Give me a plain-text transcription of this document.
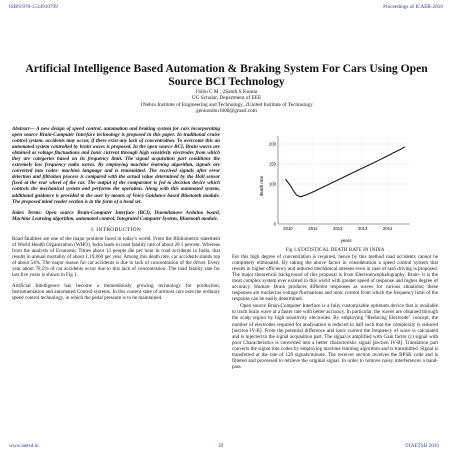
ISBN:978-1534910799	Proceedings of ICAER-2016
Artificial Intelligence Based Automation & Braking System For Cars Using Open Source BCI Technology
1Sibu C M , 2Santh S Kumar
UG Scholar, Department of EEE
1Nehru Institute of Engineering and Technology, 2United Institute of Technology
geniussibu1000@gmail.com

Abstract— A new design of speed control, automation and braking system for cars incorporating open source Brain-Computer Interface technology is proposed in this paper. In traditional cruise control system, accidents may occur, if there exist any lack of concentration. To overcome this an automated system controlled by brain waves is proposed. In the open source BCI, Brain waves are obtained as voltage fluctuations and Ionic current through high sensitivity electrodes from which they are categories based on its frequency limit. The signal acquisition part conditions the extremely low frequency radio waves. By employing machine learning algorithm, signals are converted into codes- machine language and is transmitted. The received signals after error detection and filtration process is compared with the actual value determined by the Hall sensor fixed at the rear wheel of the car. The output of the comparator is fed to decision device which controls the mechanical system and performs the operation. Along with this automated system, additional guidance is provided to the user by means of Voice Guidance based Bluetooth module. The proposed mind reader section is in the form of a head set.

Index Terms: Open source Brain-Computer Interface (BCI), Duemilanove Arduino board, Machine Learning algorithm, automated control, Integrated Computer System, Bluetooth module.

I. INTRODUCTION

Road fatalities are one of the major problem faced in today's world. From the Bibliometric statement of World Health Organization (WHO), India leads in road fatality rate of about 20.1 percent. Whereas from the analysis of Economic Times about 13 people die per hour in road accidents in India, that results in annual mortality of about 1,19,860 per year. Among this death rate, car accidents stands top of about 54%. The major reason for car accidents is due to lack of concentration of the driver. Every year about 78.5% of car accidents occur due to this lack of concentration. The road fatality rate for last five years is shown in Fig 1.

Artificial Intelligence has become a tremendously growing technology for production, Instrumentation and automated Control systems. In this current state of artmost cars uses the ordinary speed control technology, in which the pedal pressure is to be maintained.

0
100
150
200
2010	2011	2012	2013	2014
death rate
years
Fig 1.STATISTICAL DEATH RATE IN INDIA

For this high degree of concentration is required, hence by this method road accidents cannot be completely eliminated. By taking the above factor in consideration a speed control system that results in higher efficiency and reduced mechanical stresses even in case of rash driving is proposed. The major theoretical background of this proposal is from Electroencephalography. Brain- it is the most complex system ever existed in this world with greater speed of response and higher degree of accuracy. Human- Brain produces different responses as waves for various situations; these responses are tracked as voltage fluctuations and ionic current from which the frequency limit of the response can be easily determined.

Open source Brain-Computer Interface is a fully customizable optimum device that is available to track brain wave at a faster rate with better accuracy. In particular, the waves are obtained through the scalp region by high sensitivity electrodes. By employing "Reducing Electrode" concept, the number of electrodes required for analysation is reduced to half such that the complexity is reduced [section IV-B]. From the potential difference and ionic current the frequency of wave is calculated and is injected to the signal acquisition part. The signal is amplified with Gain factor (c) signal with poor Characteristics is converted into a better characteristic signal [section IV-B]. Translation part converts the signal into codes by employing machine learning algorithm and is transmitted. Signal is transferred at the rate of 120 signals/minute. The receiver section receives the BPSK code and is filtered and processed to retrieve the original signal. In order to remove noisy interferences a band-pass

www.iaetsd.in	39	©IAETSD 2016
